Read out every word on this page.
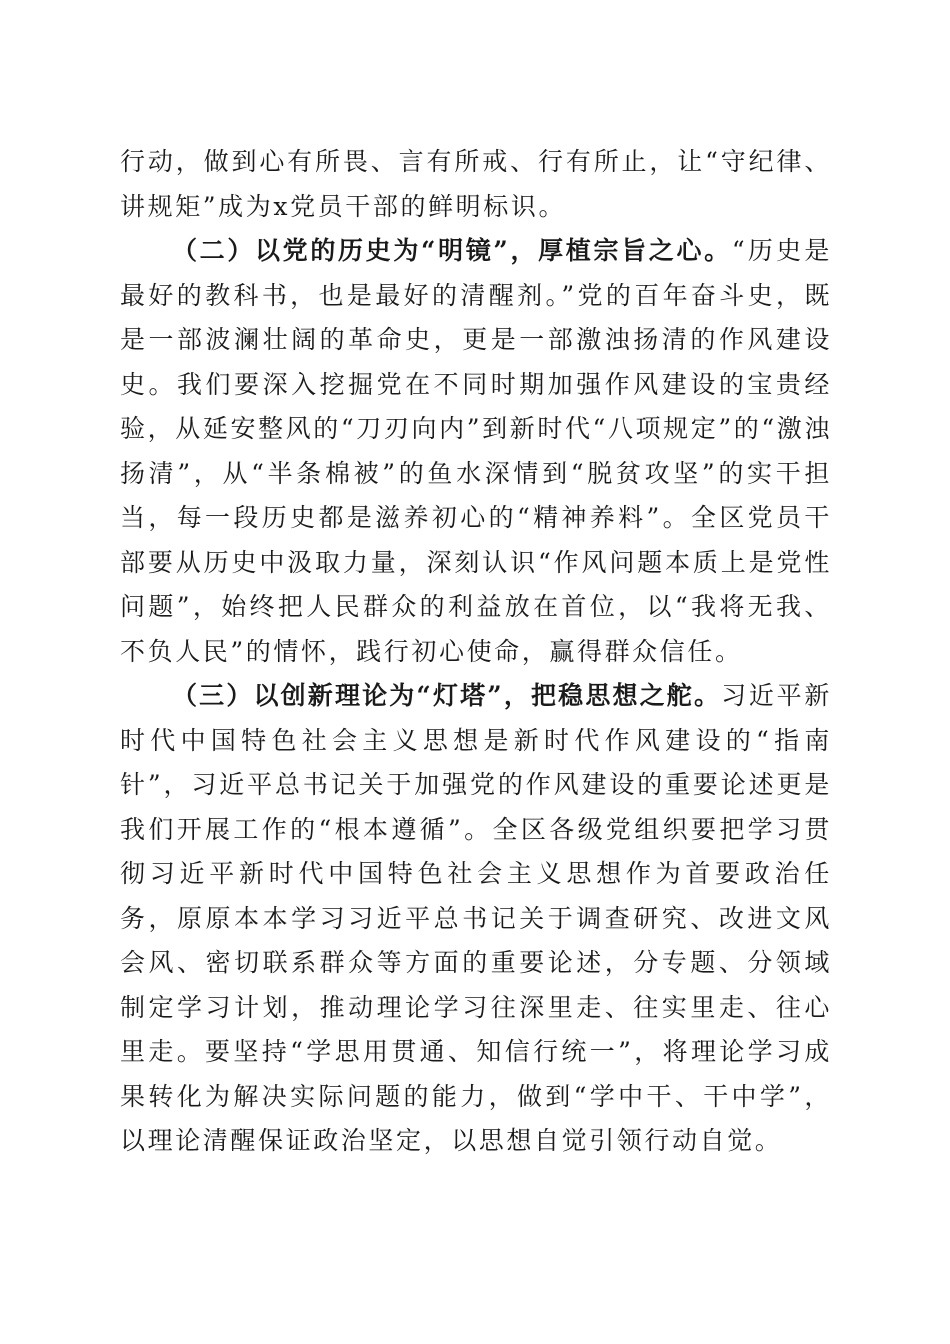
行动，做到心有所畏、言有所戒、行有所止，让“守纪律、讲规矩”成为x党员干部的鲜明标识。

（二）以党的历史为“明镜”，厚植宗旨之心。“历史是最好的教科书，也是最好的清醒剂。”党的百年奋斗史，既是一部波澜壮阔的革命史，更是一部激浊扬清的作风建设史。我们要深入挖掘党在不同时期加强作风建设的宝贵经验，从延安整风的“刀刃向内”到新时代“八项规定”的“激浊扬清”，从“半条棉被”的鱼水深情到“脱贫攻坚”的实干担当，每一段历史都是滋养初心的“精神养料”。全区党员干部要从历史中汲取力量，深刻认识“作风问题本质上是党性问题”，始终把人民群众的利益放在首位，以“我将无我、不负人民”的情怀，践行初心使命，赢得群众信任。

（三）以创新理论为“灯塔”，把稳思想之舵。习近平新时代中国特色社会主义思想是新时代作风建设的“指南针”，习近平总书记关于加强党的作风建设的重要论述更是我们开展工作的“根本遵循”。全区各级党组织要把学习贯彻习近平新时代中国特色社会主义思想作为首要政治任务，原原本本学习习近平总书记关于调查研究、改进文风会风、密切联系群众等方面的重要论述，分专题、分领域制定学习计划，推动理论学习往深里走、往实里走、往心里走。要坚持“学思用贯通、知信行统一”，将理论学习成果转化为解决实际问题的能力，做到“学中干、干中学”，以理论清醒保证政治坚定，以思想自觉引领行动自觉。
